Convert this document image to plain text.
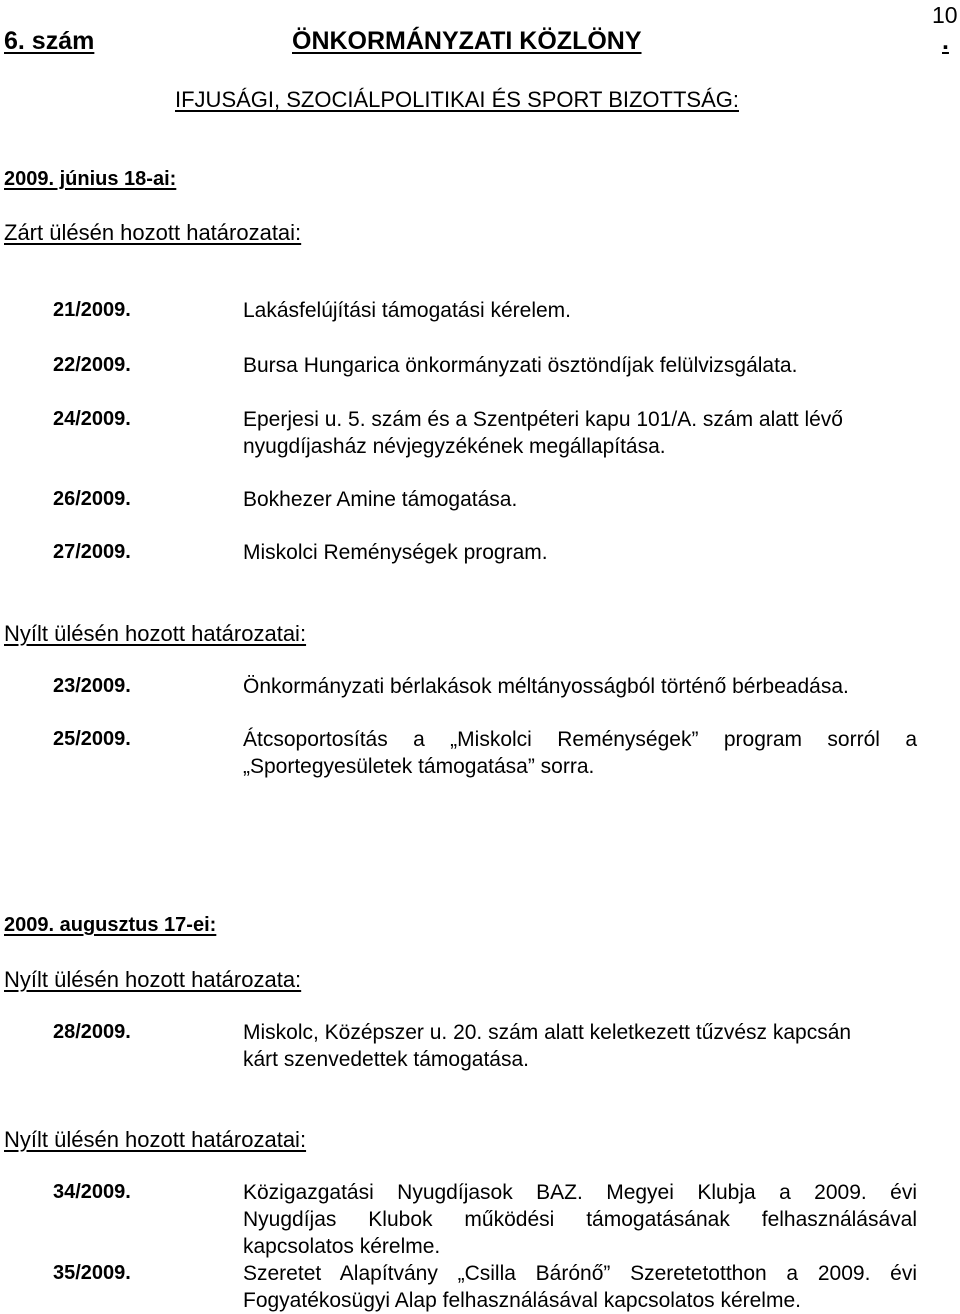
10
6. szám	ÖNKORMÁNYZATI KÖZLÖNY	.
IFJUSÁGI, SZOCIÁLPOLITIKAI ÉS SPORT BIZOTTSÁG:
2009. június 18-ai:
Zárt ülésén hozott határozatai:
21/2009.	Lakásfelújítási támogatási kérelem.
22/2009.	Bursa Hungarica önkormányzati ösztöndíjak felülvizsgálata.
24/2009.	Eperjesi u. 5. szám és a Szentpéteri kapu 101/A. szám alatt lévő
nyugdíjasház névjegyzékének megállapítása.
26/2009.	Bokhezer Amine támogatása.
27/2009.	Miskolci Reménységek program.
Nyílt ülésén hozott határozatai:
23/2009.	Önkormányzati bérlakások méltányosságból történő bérbeadása.
25/2009.	Átcsoportosítás a „Miskolci Reménységek” program sorról a
„Sportegyesületek támogatása” sorra.
2009. augusztus 17-ei:
Nyílt ülésén hozott határozata:
28/2009.	Miskolc, Középszer u. 20. szám alatt keletkezett tűzvész kapcsán
kárt szenvedettek támogatása.
Nyílt ülésén hozott határozatai:
34/2009.	Közigazgatási Nyugdíjasok BAZ. Megyei Klubja a 2009. évi
Nyugdíjas Klubok működési támogatásának felhasználásával
kapcsolatos kérelme.
35/2009.	Szeretet Alapítvány „Csilla Bárónő” Szeretetotthon a 2009. évi
Fogyatékosügyi Alap felhasználásával kapcsolatos kérelme.
